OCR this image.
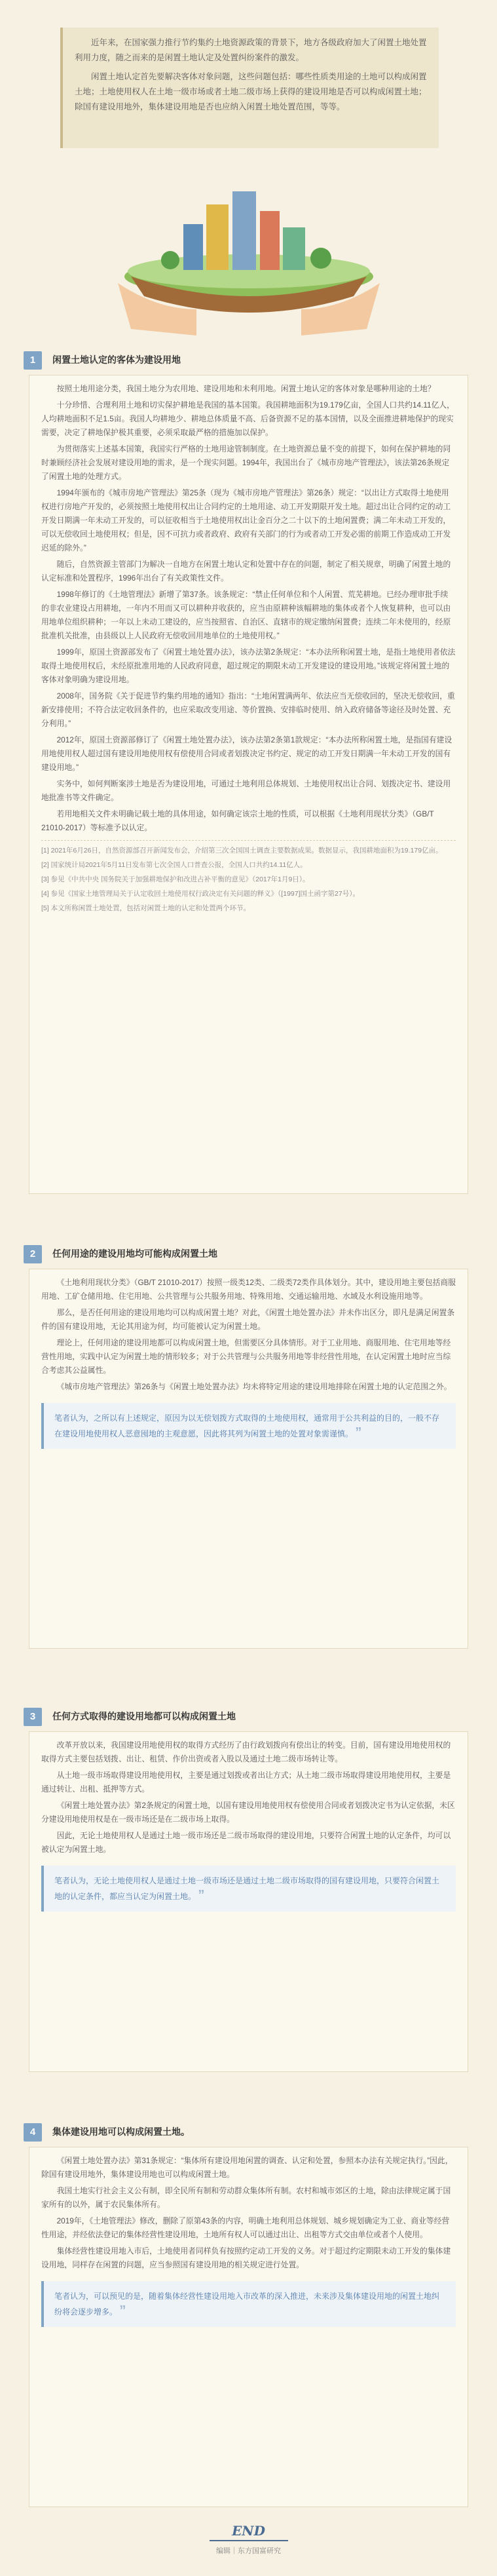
近年来，在国家强力推行节约集约土地资源政策的背景下，地方各级政府加大了闲置土地处置利用力度，随之而来的是闲置土地认定及处置纠纷案件的激发。

闲置土地认定首先要解决客体对象问题，这些问题包括：哪些性质类用途的土地可以构成闲置土地；土地使用权人在土地一级市场或者土地二级市场上获得的建设用地是否可以构成闲置土地；除国有建设用地外，集体建设用地是否也应纳入闲置土地处置范围，等等。

1	闲置土地认定的客体为建设用地

按照土地用途分类，我国土地分为农用地、建设用地和未利用地。闲置土地认定的客体对象是哪种用途的土地？

十分珍惜、合理利用土地和切实保护耕地是我国的基本国策。我国耕地面积为19.179亿亩，全国人口共约14.11亿人，人均耕地面积不足1.5亩。我国人均耕地少、耕地总体质量不高、后备资源不足的基本国情，以及全面推进耕地保护的现实需要，决定了耕地保护极其重要，必须采取最严格的措施加以保护。

为贯彻落实上述基本国策，我国实行严格的土地用途管制制度。在土地资源总量不变的前提下，如何在保护耕地的同时兼顾经济社会发展对建设用地的需求，是一个现实问题。1994年，我国出台了《城市房地产管理法》，该法第26条规定了闲置土地的处理方式。

1994年颁布的《城市房地产管理法》第25条（现为《城市房地产管理法》第26条）规定：“以出让方式取得土地使用权进行房地产开发的，必须按照土地使用权出让合同约定的土地用途、动工开发期限开发土地。超过出让合同约定的动工开发日期满一年未动工开发的，可以征收相当于土地使用权出让金百分之二十以下的土地闲置费；满二年未动工开发的，可以无偿收回土地使用权；但是，因不可抗力或者政府、政府有关部门的行为或者动工开发必需的前期工作造成动工开发迟延的除外。”

随后，自然资源主管部门为解决一自地方在闲置土地认定和处置中存在的问题，制定了相关规章，明确了闲置土地的认定标准和处置程序，1996年出台了有关政策性文件。

1998年修订的《土地管理法》新增了第37条。该条规定：“禁止任何单位和个人闲置、荒芜耕地。已经办理审批手续的非农业建设占用耕地，一年内不用而又可以耕种并收获的，应当由原耕种该幅耕地的集体或者个人恢复耕种，也可以由用地单位组织耕种；一年以上未动工建设的，应当按照省、自治区、直辖市的规定缴纳闲置费；连续二年未使用的，经原批准机关批准，由县级以上人民政府无偿收回用地单位的土地使用权。”

1999年，原国土资源部发布了《闲置土地处置办法》，该办法第2条规定：“本办法所称闲置土地，是指土地使用者依法取得土地使用权后，未经原批准用地的人民政府同意，超过规定的期限未动工开发建设的建设用地。”该规定将闲置土地的客体对象明确为建设用地。

2008年，国务院《关于促进节约集约用地的通知》指出：“土地闲置满两年、依法应当无偿收回的，坚决无偿收回，重新安排使用；不符合法定收回条件的，也应采取改变用途、等价置换、安排临时使用、纳入政府储备等途径及时处置、充分利用。”

2012年，原国土资源部修订了《闲置土地处置办法》，该办法第2条第1款规定：“本办法所称闲置土地，是指国有建设用地使用权人超过国有建设用地使用权有偿使用合同或者划拨决定书约定、规定的动工开发日期满一年未动工开发的国有建设用地。”

实务中，如何判断案涉土地是否为建设用地，可通过土地利用总体规划、土地使用权出让合同、划拨决定书、建设用地批准书等文件确定。

若用地相关文件未明确记载土地的具体用途，如何确定该宗土地的性质，可以根据《土地利用现状分类》（GB/T 21010-2017）等标准予以认定。

[1] 2021年6月26日，自然资源部召开新闻发布会，介绍第三次全国国土调查主要数据成果。数据显示，我国耕地面积为19.179亿亩。

[2] 国家统计局2021年5月11日发布第七次全国人口普查公报，全国人口共约14.11亿人。

[3] 参见《中共中央 国务院关于加强耕地保护和改进占补平衡的意见》（2017年1月9日）。

[4] 参见《国家土地管理局关于认定收回土地使用权行政决定有关问题的释义》（[1997]国土函字第27号）。

[5] 本文所称闲置土地处置，包括对闲置土地的认定和处置两个环节。

2	任何用途的建设用地均可能构成闲置土地

《土地利用现状分类》（GB/T 21010-2017）按照一级类12类、二级类72类作具体划分。其中，建设用地主要包括商服用地、工矿仓储用地、住宅用地、公共管理与公共服务用地、特殊用地、交通运输用地、水域及水利设施用地等。

那么，是否任何用途的建设用地均可以构成闲置土地？对此，《闲置土地处置办法》并未作出区分，即凡是满足闲置条件的国有建设用地，无论其用途为何，均可能被认定为闲置土地。

理论上，任何用途的建设用地都可以构成闲置土地，但需要区分具体情形。对于工业用地、商服用地、住宅用地等经营性用地，实践中认定为闲置土地的情形较多；对于公共管理与公共服务用地等非经营性用地，在认定闲置土地时应当综合考虑其公益属性。

《城市房地产管理法》第26条与《闲置土地处置办法》均未将特定用途的建设用地排除在闲置土地的认定范围之外。

笔者认为，之所以有上述规定，原因为以无偿划拨方式取得的土地使用权，通常用于公共利益的目的，一般不存在建设用地使用权人恶意囤地的主观意愿，因此将其列为闲置土地的处置对象需谨慎。 ”
3	任何方式取得的建设用地都可以构成闲置土地

改革开放以来，我国建设用地使用权的取得方式经历了由行政划拨向有偿出让的转变。目前，国有建设用地使用权的取得方式主要包括划拨、出让、租赁、作价出资或者入股以及通过土地二级市场转让等。

从土地一级市场取得建设用地使用权，主要是通过划拨或者出让方式；从土地二级市场取得建设用地使用权，主要是通过转让、出租、抵押等方式。

《闲置土地处置办法》第2条规定的闲置土地，以国有建设用地使用权有偿使用合同或者划拨决定书为认定依据，未区分建设用地使用权是在一级市场还是在二级市场上取得。

因此，无论土地使用权人是通过土地一级市场还是二级市场取得的建设用地，只要符合闲置土地的认定条件，均可以被认定为闲置土地。

笔者认为，无论土地使用权人是通过土地一级市场还是通过土地二级市场取得的国有建设用地，只要符合闲置土地的认定条件，都应当认定为闲置土地。 ”
4	集体建设用地可以构成闲置土地。

《闲置土地处置办法》第31条规定：“集体所有建设用地闲置的调查、认定和处置，参照本办法有关规定执行。”因此，除国有建设用地外，集体建设用地也可以构成闲置土地。

我国土地实行社会主义公有制，即全民所有制和劳动群众集体所有制。农村和城市郊区的土地，除由法律规定属于国家所有的以外，属于农民集体所有。

2019年，《土地管理法》修改，删除了原第43条的内容，明确土地利用总体规划、城乡规划确定为工业、商业等经营性用途，并经依法登记的集体经营性建设用地，土地所有权人可以通过出让、出租等方式交由单位或者个人使用。

集体经营性建设用地入市后，土地使用者同样负有按照约定动工开发的义务。对于超过约定期限未动工开发的集体建设用地，同样存在闲置的问题，应当参照国有建设用地的相关规定进行处置。

笔者认为，可以预见的是，随着集体经营性建设用地入市改革的深入推进，未来涉及集体建设用地的闲置土地纠纷将会逐步增多。 ”
END
编辑｜东方国富研究
